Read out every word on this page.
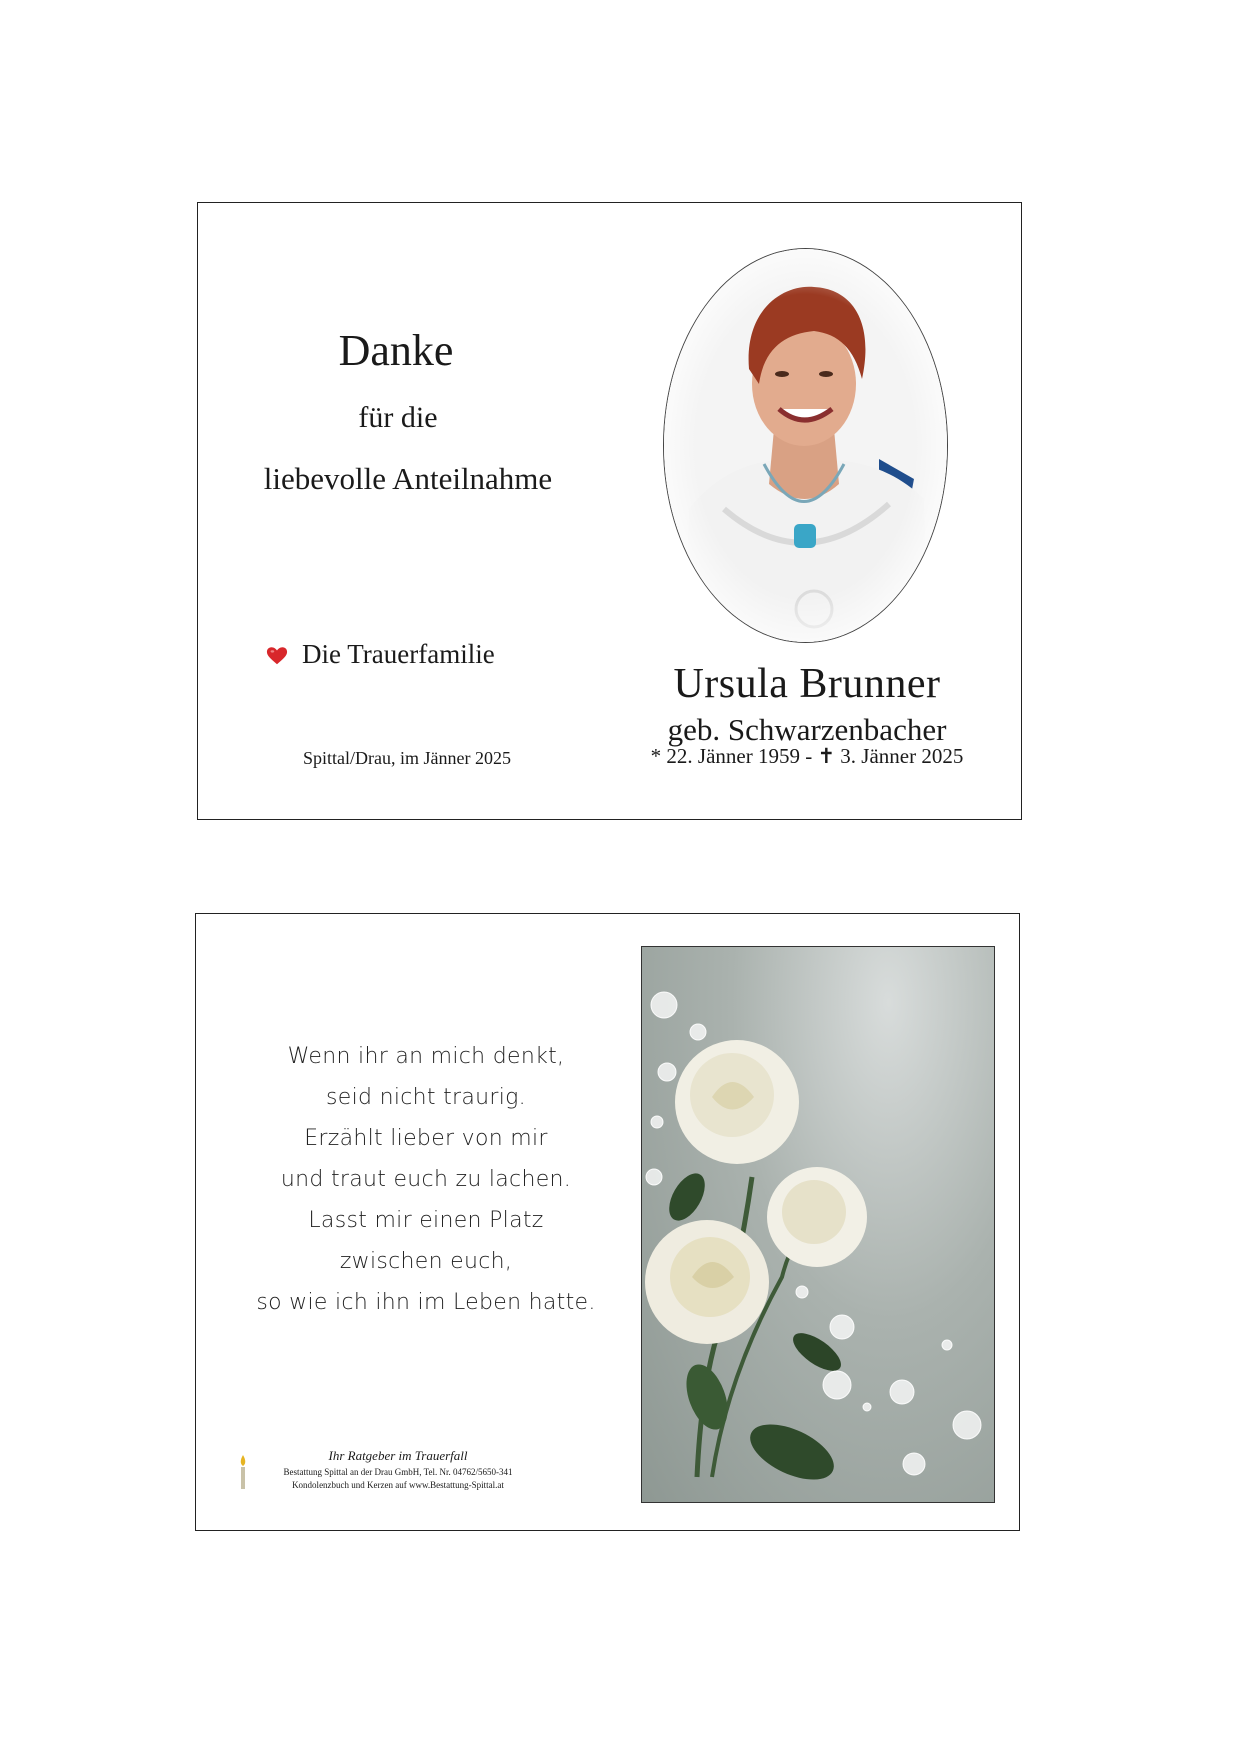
Danke
für die
liebevolle Anteilnahme
Die Trauerfamilie
Spittal/Drau, im Jänner 2025
Ursula Brunner
geb. Schwarzenbacher
* 22. Jänner 1959 - ✝ 3. Jänner 2025
Wenn ihr an mich denkt,
seid nicht traurig.
Erzählt lieber von mir
und traut euch zu lachen.
Lasst mir einen Platz
zwischen euch,
so wie ich ihn im Leben hatte.
Ihr Ratgeber im Trauerfall
Bestattung Spittal an der Drau GmbH, Tel. Nr. 04762/5650-341
Kondolenzbuch und Kerzen auf www.Bestattung-Spittal.at
